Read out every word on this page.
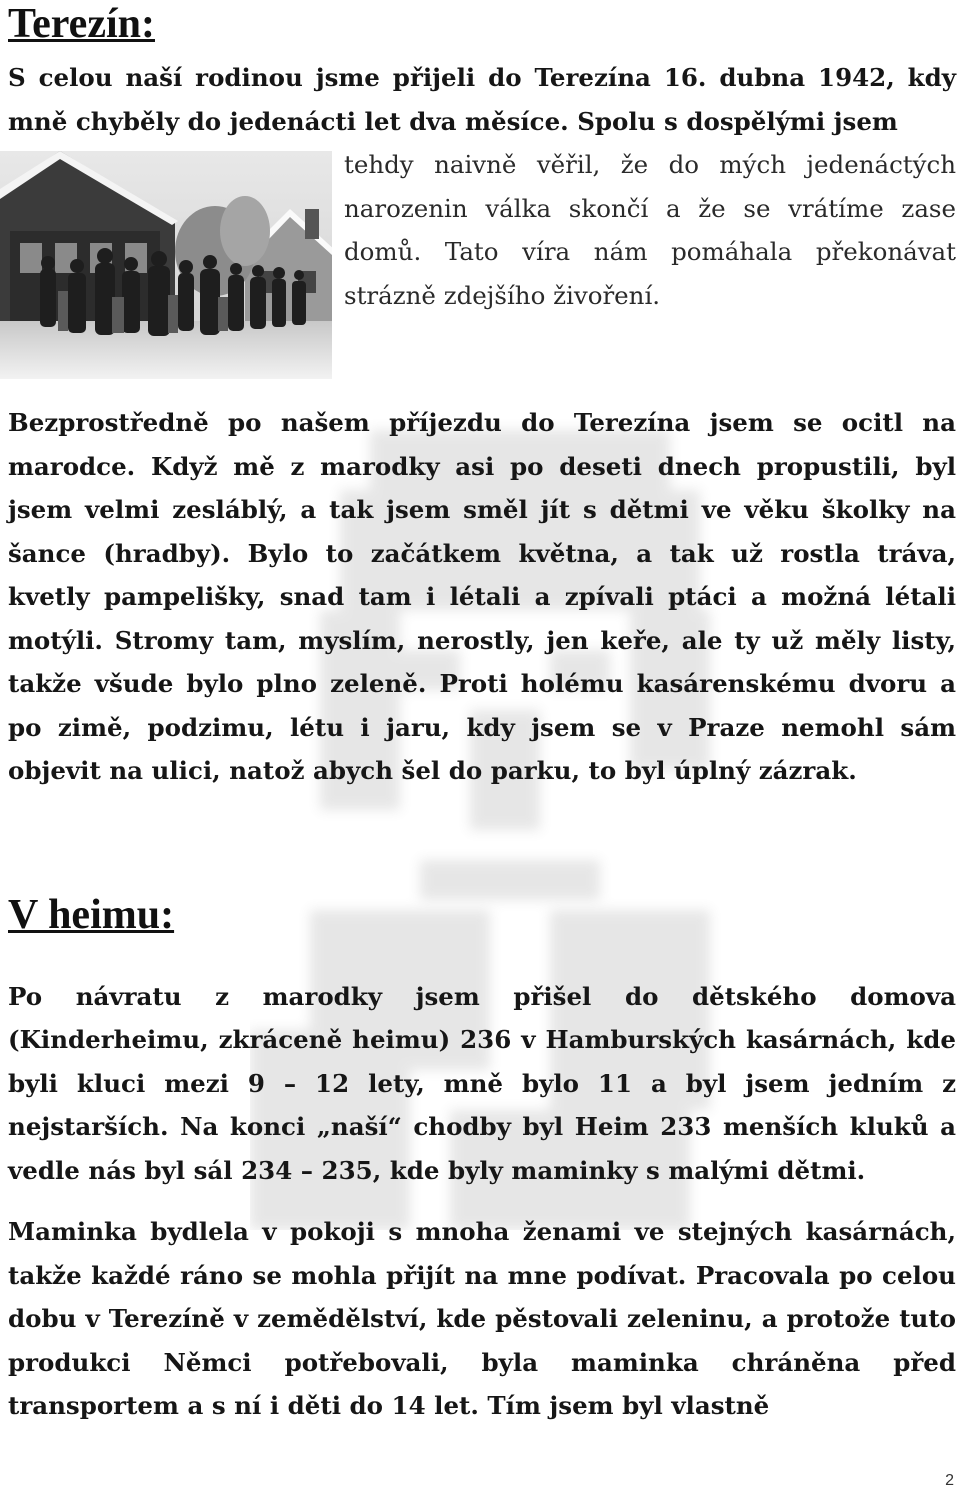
Terezín:

S celou naší rodinou jsme přijeli do Terezína 16. dubna 1942, kdy mně chyběly do jedenácti let dva měsíce. Spolu s dospělými jsem

tehdy naivně věřil, že do mých jedenáctých narozenin válka skončí a že se vrátíme zase domů. Tato víra nám pomáhala překonávat strázně zdejšího živoření.

Bezprostředně po našem příjezdu do Terezína jsem se ocitl na marodce. Když mě z marodky asi po deseti dnech propustili, byl jsem velmi zesláblý, a tak jsem směl jít s dětmi ve věku školky na šance (hradby). Bylo to začátkem května, a tak už rostla tráva, kvetly pampelišky, snad tam i létali a zpívali ptáci a možná létali motýli. Stromy tam, myslím, nerostly, jen keře, ale ty už měly listy, takže všude bylo plno zeleně. Proti holému kasárenskému dvoru a po zimě, podzimu, létu i jaru, kdy jsem se v Praze nemohl sám objevit na ulici, natož abych šel do parku, to byl úplný zázrak.

V heimu:

Po návratu z marodky jsem přišel do dětského domova (Kinderheimu, zkráceně heimu) 236 v Hamburských kasárnách, kde byli kluci mezi 9 – 12 lety, mně bylo 11 a byl jsem jedním z nejstarších. Na konci „naší“ chodby byl Heim 233 menších kluků a vedle nás byl sál 234 – 235, kde byly maminky s malými dětmi.

Maminka bydlela v pokoji s mnoha ženami ve stejných kasárnách, takže každé ráno se mohla přijít na mne podívat. Pracovala po celou dobu v Terezíně v zemědělství, kde pěstovali zeleninu, a protože tuto produkci Němci potřebovali, byla maminka chráněna před transportem a s ní i děti do 14 let. Tím jsem byl vlastně

2
